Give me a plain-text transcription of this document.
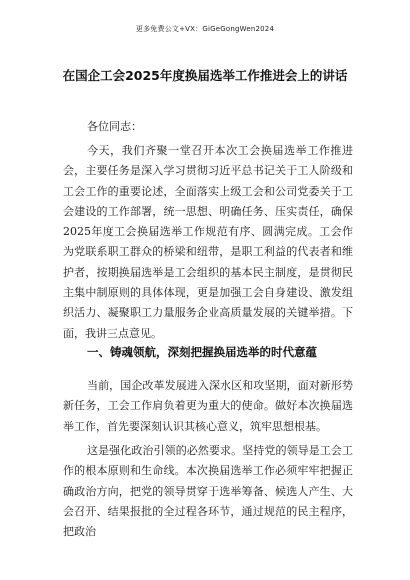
更多免费公文+VX：GiGeGongWen2024
在国企工会2025年度换届选举工作推进会上的讲话
各位同志：

今天，我们齐聚一堂召开本次工会换届选举工作推进会，主要任务是深入学习贯彻习近平总书记关于工人阶级和工会工作的重要论述，全面落实上级工会和公司党委关于工会建设的工作部署，统一思想、明确任务、压实责任，确保2025年度工会换届选举工作规范有序、圆满完成。工会作为党联系职工群众的桥梁和纽带，是职工利益的代表者和维护者，按期换届选举是工会组织的基本民主制度，是贯彻民主集中制原则的具体体现，更是加强工会自身建设、激发组织活力、凝聚职工力量服务企业高质量发展的关键举措。下面，我讲三点意见。

一、铸魂领航，深刻把握换届选举的时代意蕴

当前，国企改革发展进入深水区和攻坚期，面对新形势新任务，工会工作肩负着更为重大的使命。做好本次换届选举工作，首先要深刻认识其核心意义，筑牢思想根基。

这是强化政治引领的必然要求。坚持党的领导是工会工作的根本原则和生命线。本次换届选举工作必须牢牢把握正确政治方向，把党的领导贯穿于选举筹备、候选人产生、大会召开、结果报批的全过程各环节，通过规范的民主程序，把政治
